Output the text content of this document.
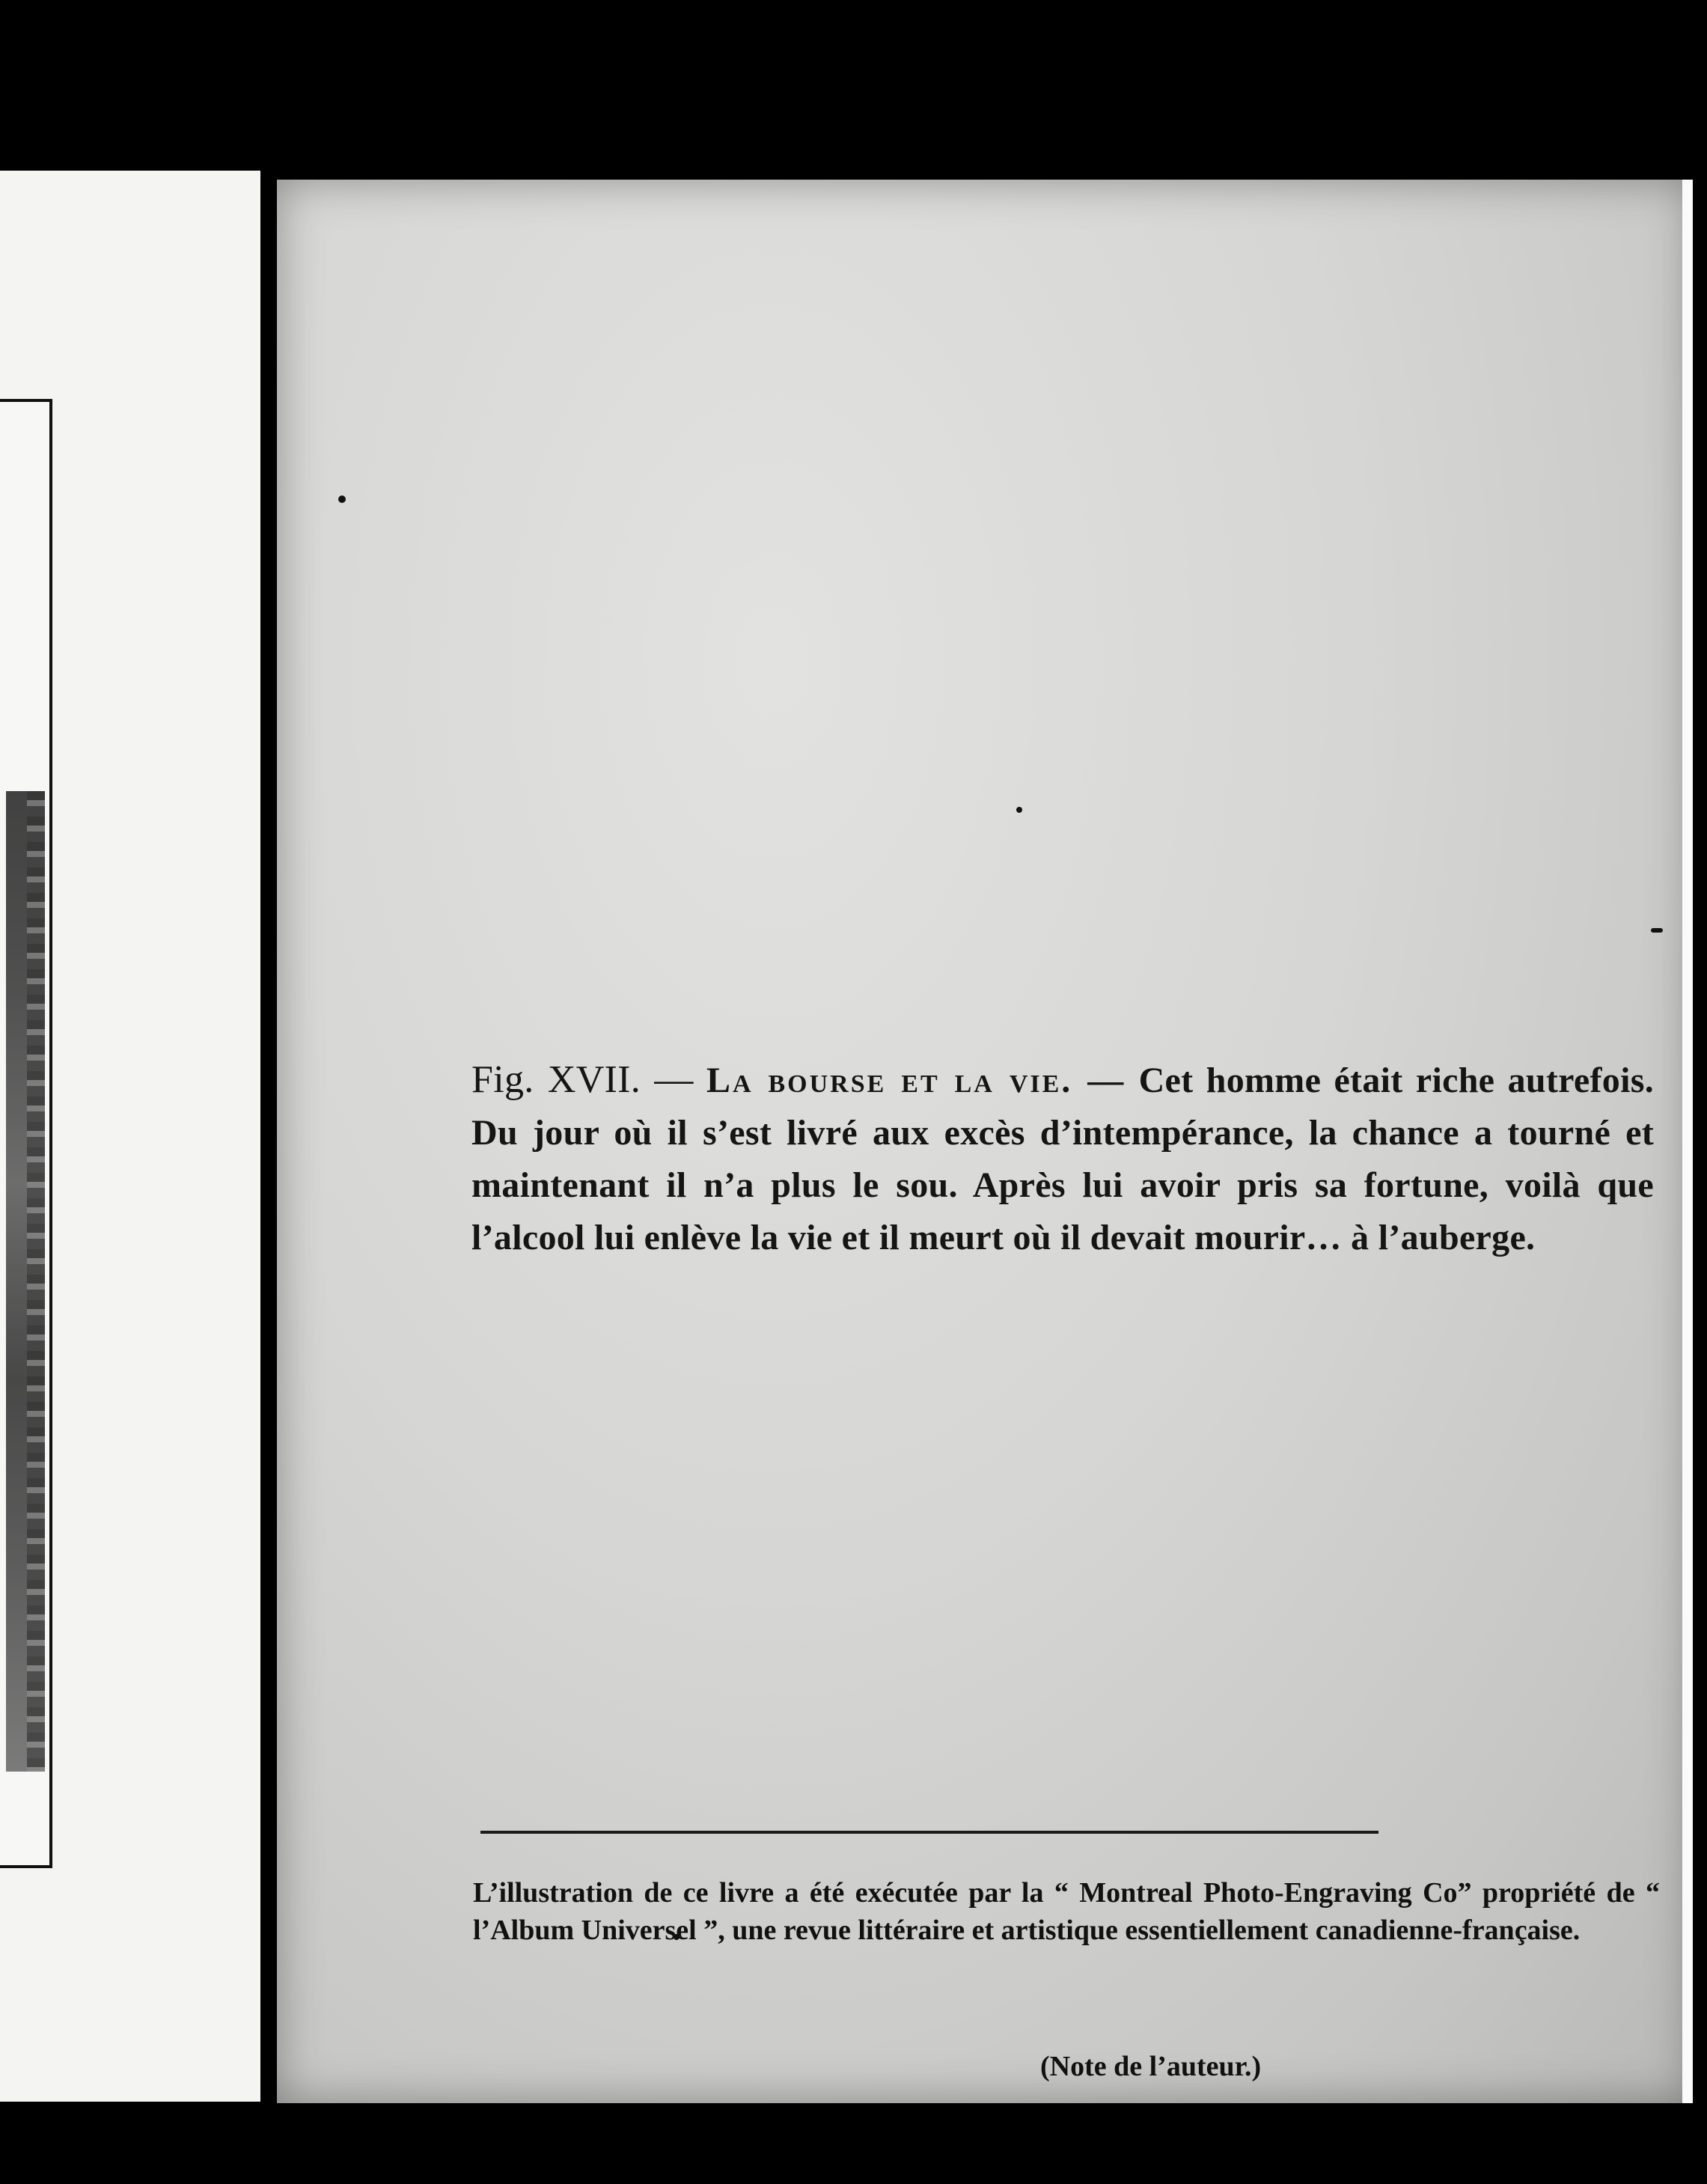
Fig. XVII. — La bourse et la vie. — Cet homme était riche autrefois. Du jour où il s’est livré aux excès d’intempérance, la chance a tourné et maintenant il n’a plus le sou. Après lui avoir pris sa fortune, voilà que l’alcool lui enlève la vie et il meurt où il devait mourir… à l’auberge.
L’illustration de ce livre a été exécutée par la “ Montreal Photo-Engraving Co” propriété de “ l’Album Universel ”, une revue littéraire et artistique essentiellement canadienne-française.
(Note de l’auteur.)
